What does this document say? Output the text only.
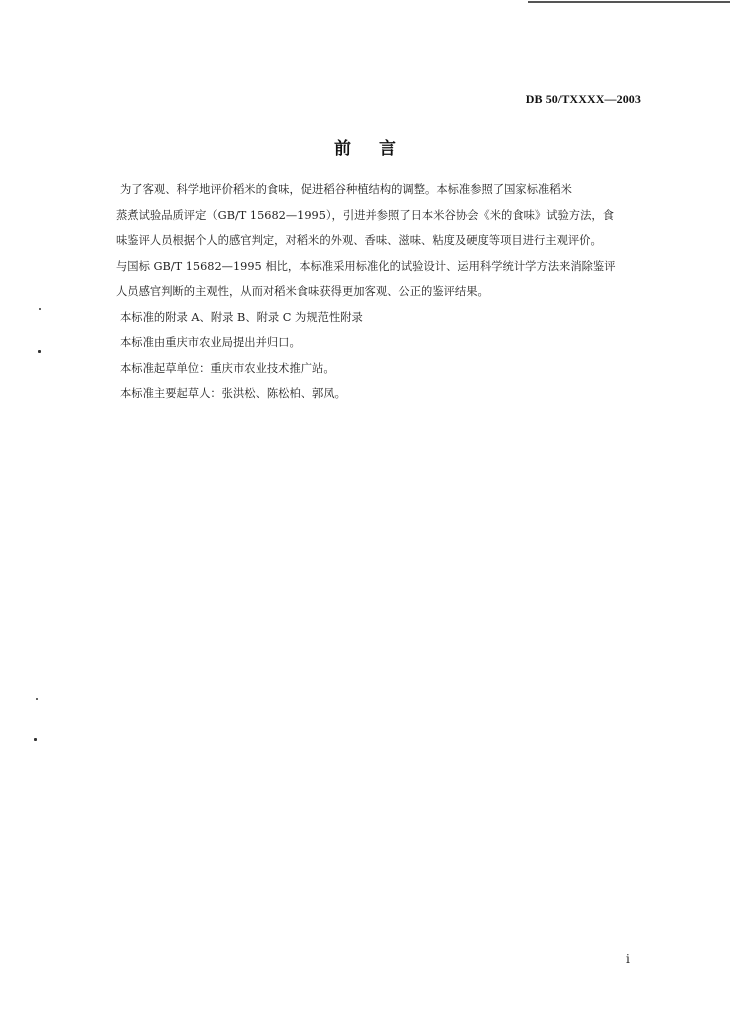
DB 50/TXXXX—2003
前言

为了客观、科学地评价稻米的食味，促进稻谷种植结构的调整。本标准参照了国家标准稻米
蒸煮试验品质评定（GB/T 15682—1995），引进并参照了日本米谷协会《米的食味》试验方法，食
味鉴评人员根据个人的感官判定，对稻米的外观、香味、滋味、粘度及硬度等项目进行主观评价。
与国标 GB/T 15682—1995 相比，本标准采用标准化的试验设计、运用科学统计学方法来消除鉴评
人员感官判断的主观性，从而对稻米食味获得更加客观、公正的鉴评结果。

本标准的附录 A、附录 B、附录 C 为规范性附录

本标准由重庆市农业局提出并归口。

本标准起草单位：重庆市农业技术推广站。

本标准主要起草人：张洪松、陈松柏、郭凤。

i
